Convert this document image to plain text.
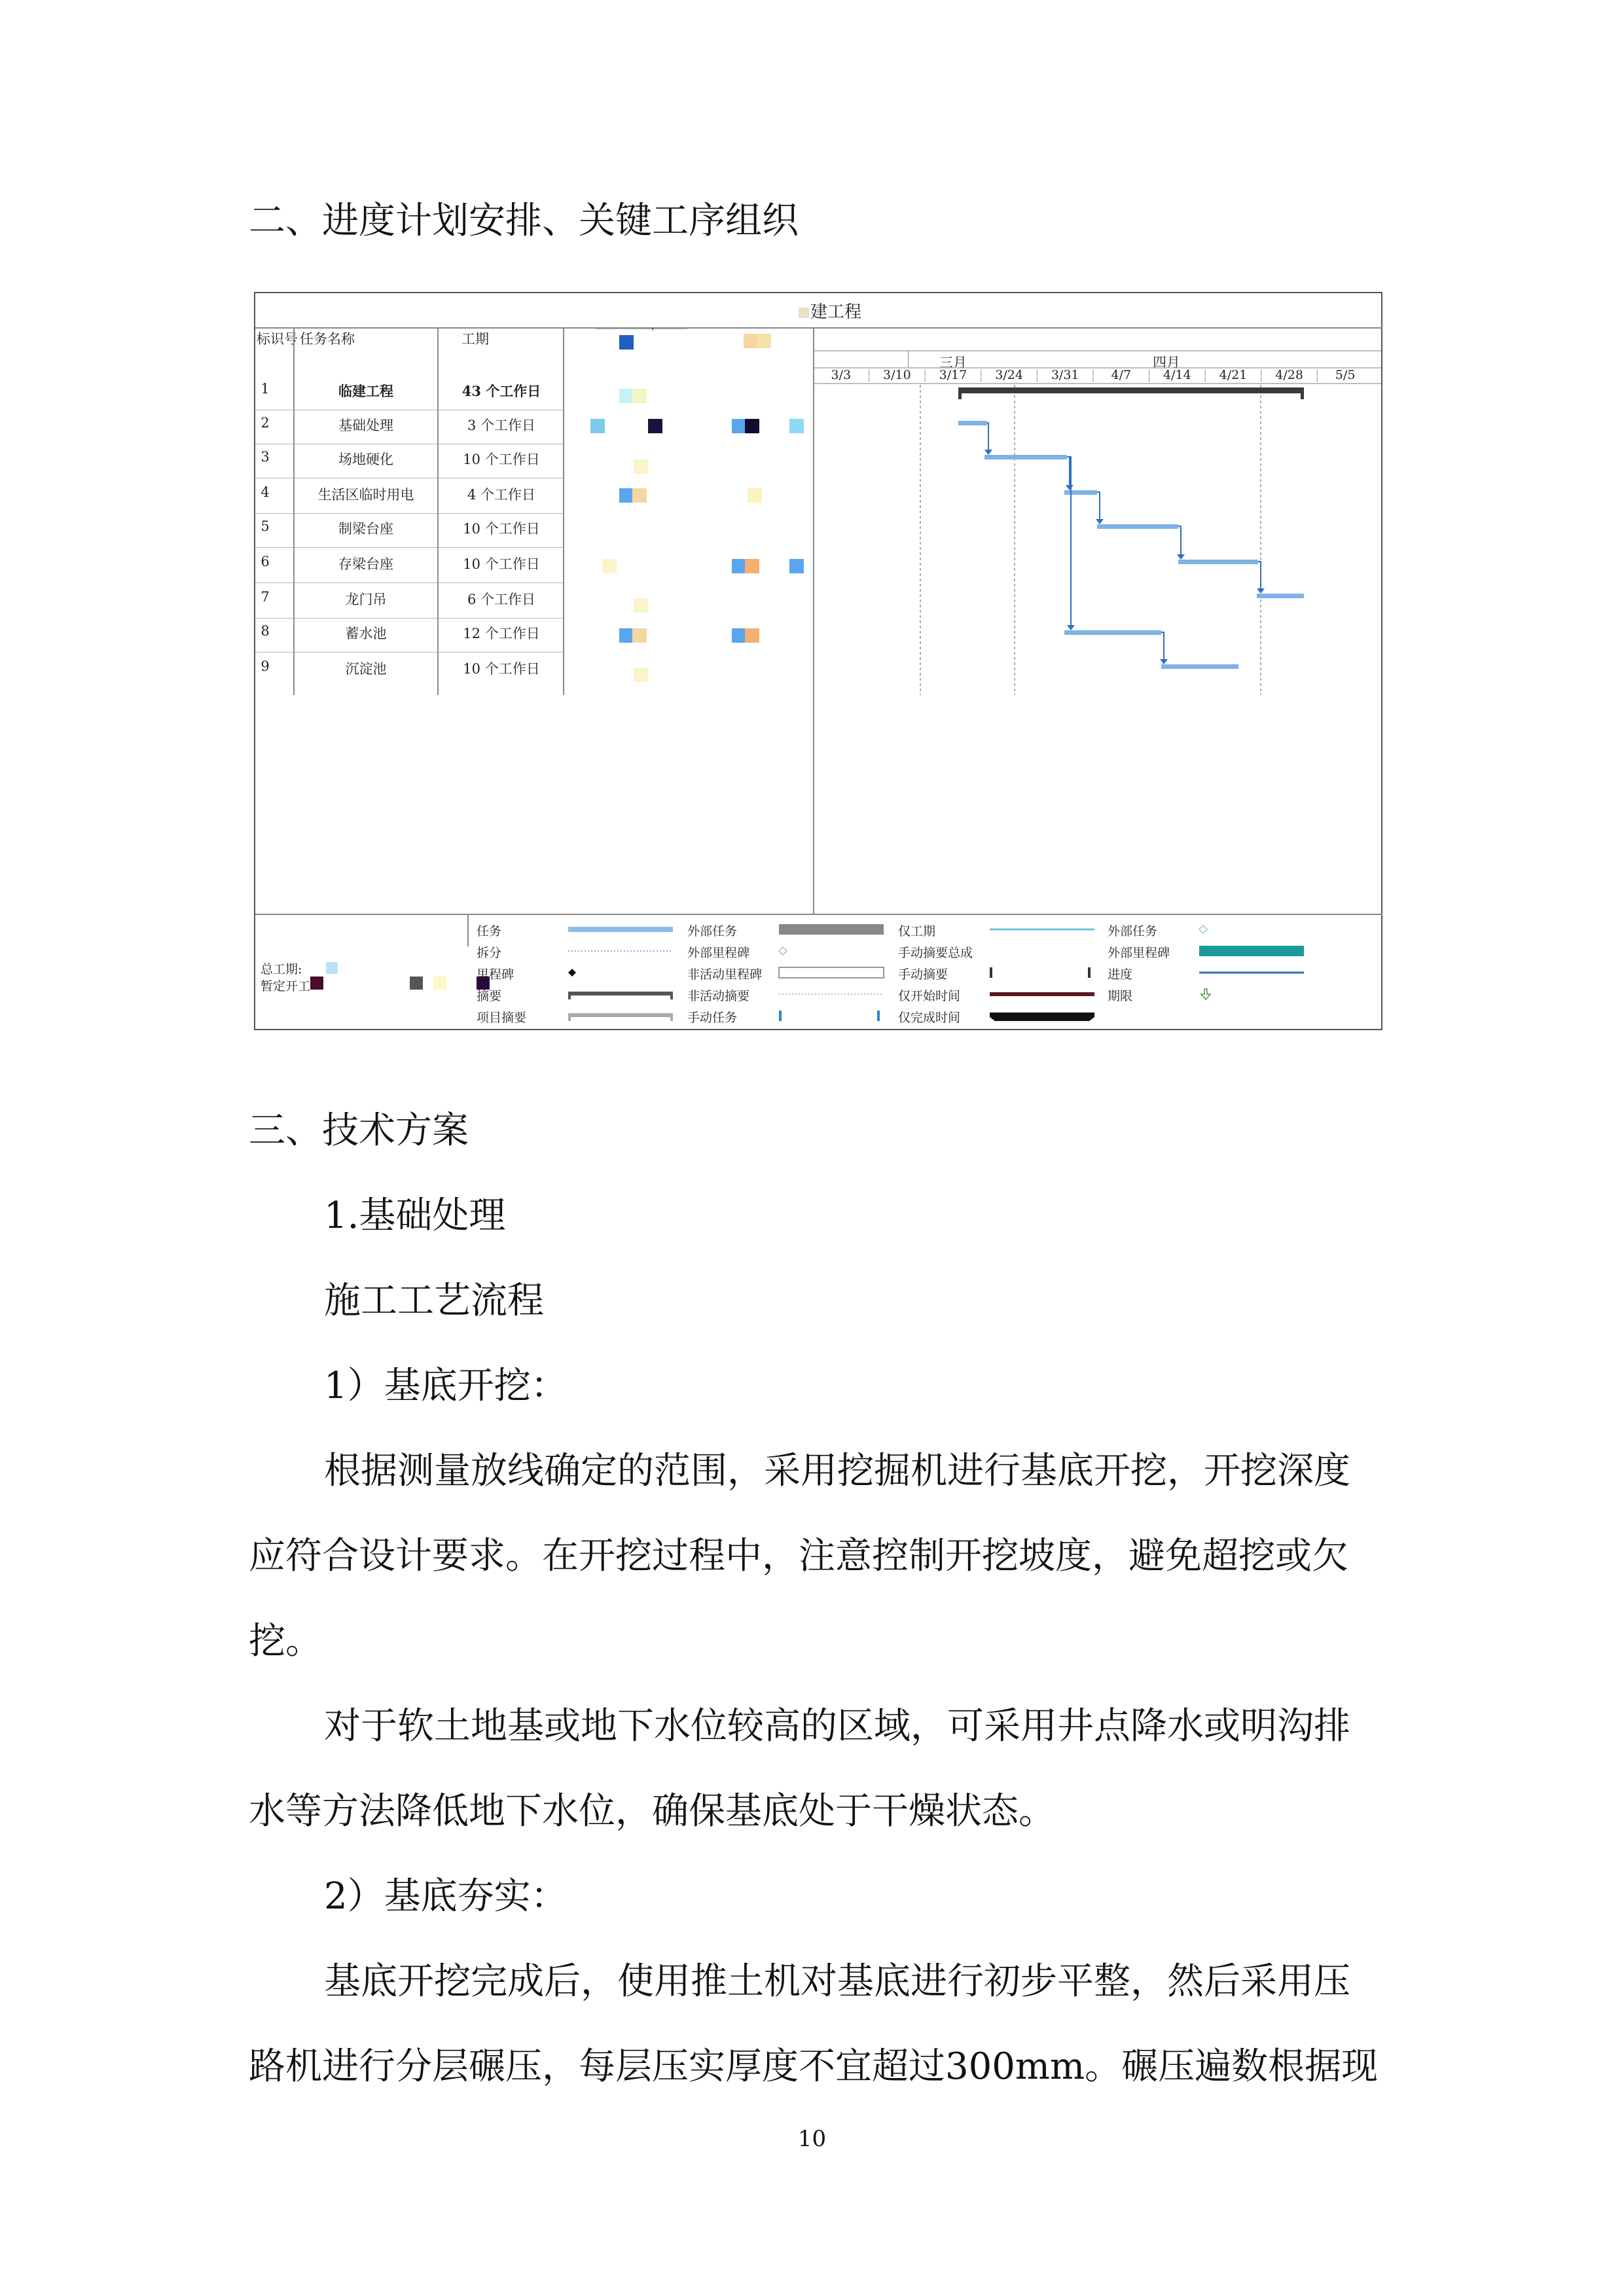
二、进度计划安排、关键工序组织
建工程
标识号 任务名称	工期	ˈ
三月	四月
3/3	3/10	3/17	3/24	3/31	4/7	4/14	4/21	4/28	5/5
1	临建工程	43 个工作日
2	基础处理	3 个工作日
3	场地硬化	10 个工作日
4	生活区临时用电	4 个工作日
5	制梁台座	10 个工作日
6	存梁台座	10 个工作日
7	龙门吊	6 个工作日
8	蓄水池	12 个工作日
9	沉淀池	10 个工作日
总工期:
暂定开工
任务
拆分
里程碑
摘要
项目摘要
外部任务
外部里程碑
非活动里程碑
非活动摘要
手动任务
仅工期
手动摘要总成
手动摘要
仅开始时间
仅完成时间
外部任务
外部里程碑
进度
期限
三、技术方案
1.基础处理
施工工艺流程
1）基底开挖：
根据测量放线确定的范围，采用挖掘机进行基底开挖，开挖深度
应符合设计要求。在开挖过程中，注意控制开挖坡度，避免超挖或欠
挖。
对于软土地基或地下水位较高的区域，可采用井点降水或明沟排
水等方法降低地下水位，确保基底处于干燥状态。
2）基底夯实：
基底开挖完成后，使用推土机对基底进行初步平整，然后采用压
路机进行分层碾压，每层压实厚度不宜超过300mm。碾压遍数根据现
10
